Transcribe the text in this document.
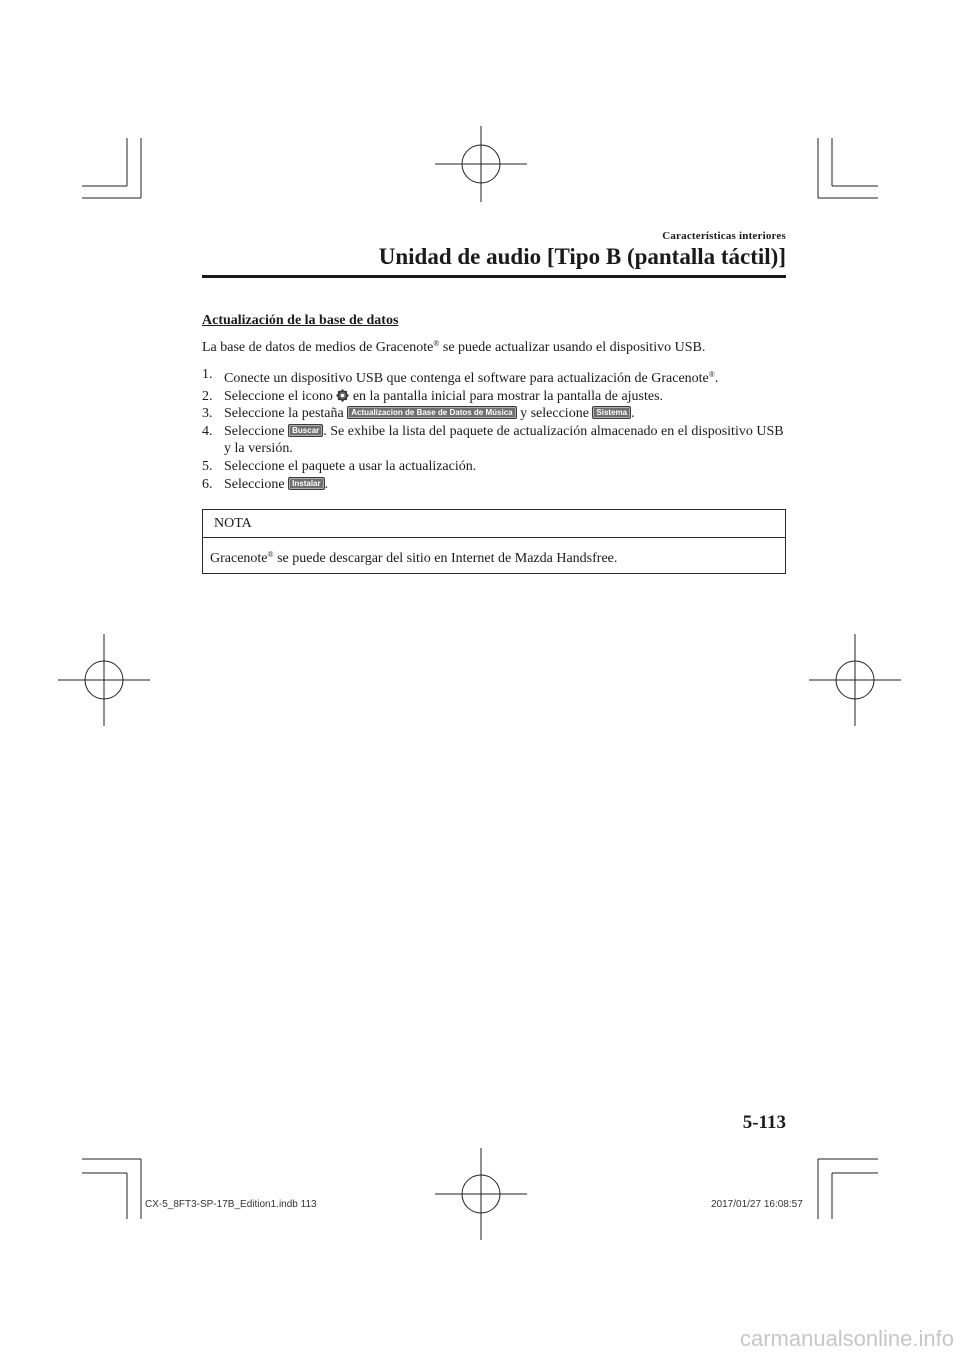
Características interiores
Unidad de audio [Tipo B (pantalla táctil)]
Actualización de la base de datos
La base de datos de medios de Gracenote® se puede actualizar usando el dispositivo USB.
1. Conecte un dispositivo USB que contenga el software para actualización de Gracenote®.
2. Seleccione el icono  en la pantalla inicial para mostrar la pantalla de ajustes.
3. Seleccione la pestaña Actualizacion de Base de Datos de Música y seleccione Sistema .
4. Seleccione Buscar . Se exhibe la lista del paquete de actualización almacenado en el dispositivo USB y la versión.
5. Seleccione el paquete a usar la actualización.
6. Seleccione Instalar .
NOTA
Gracenote® se puede descargar del sitio en Internet de Mazda Handsfree.
5-113
CX-5_8FT3-SP-17B_Edition1.indb 113	2017/01/27 16:08:57
carmanualsonline.info
